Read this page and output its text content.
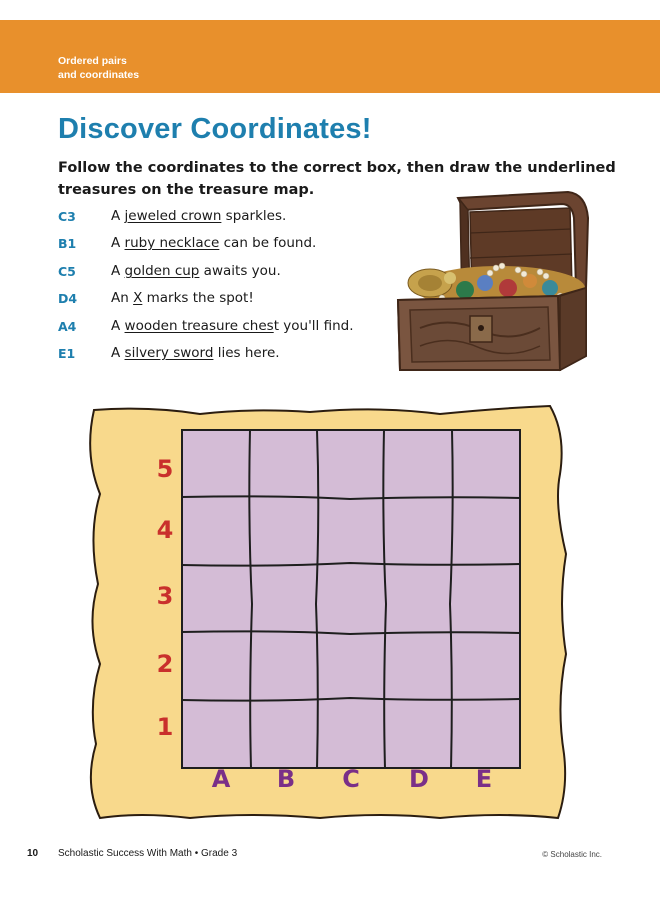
Ordered pairs
and coordinates
Discover Coordinates!
Follow the coordinates to the correct box, then draw the underlined treasures on the treasure map.
C3	A jeweled crown sparkles.
B1	A ruby necklace can be found.
C5	A golden cup awaits you.
D4	An X marks the spot!
A4	A wooden treasure chest you'll find.
E1	A silvery sword lies here.
5
4
3
2
1
A	B	C	D	E
10 Scholastic Success With Math • Grade 3	© Scholastic Inc.
